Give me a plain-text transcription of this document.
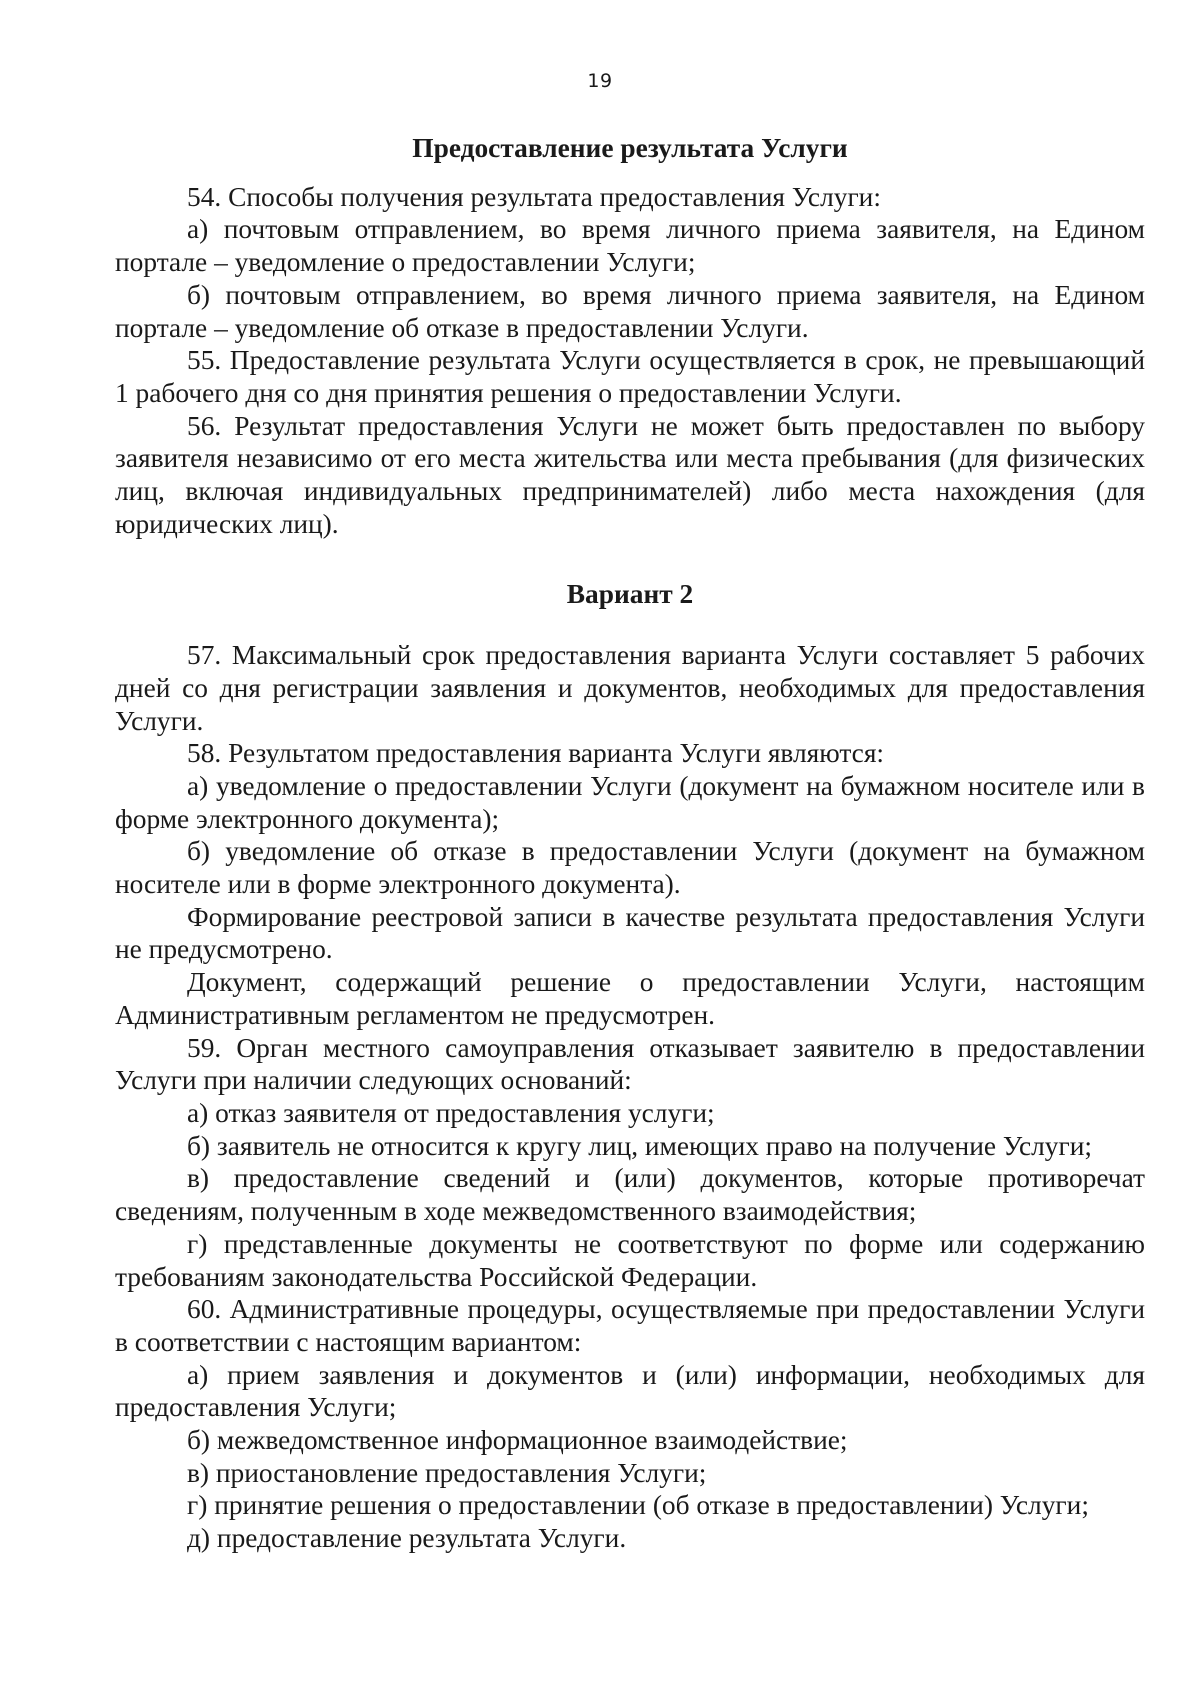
19
Предоставление результата Услуги

54. Способы получения результата предоставления Услуги:

а) почтовым отправлением, во время личного приема заявителя, на Едином портале – уведомление о предоставлении Услуги;

б) почтовым отправлением, во время личного приема заявителя, на Едином портале – уведомление об отказе в предоставлении Услуги.

55. Предоставление результата Услуги осуществляется в срок, не превышающий 1 рабочего дня со дня принятия решения о предоставлении Услуги.

56. Результат предоставления Услуги не может быть предоставлен по выбору заявителя независимо от его места жительства или места пребывания (для физических лиц, включая индивидуальных предпринимателей) либо места нахождения (для юридических лиц).

Вариант 2

57. Максимальный срок предоставления варианта Услуги составляет 5 рабочих дней со дня регистрации заявления и документов, необходимых для предоставления Услуги.

58. Результатом предоставления варианта Услуги являются:

а) уведомление о предоставлении Услуги (документ на бумажном носителе или в форме электронного документа);

б) уведомление об отказе в предоставлении Услуги (документ на бумажном носителе или в форме электронного документа).

Формирование реестровой записи в качестве результата предоставления Услуги не предусмотрено.

Документ, содержащий решение о предоставлении Услуги, настоящим Административным регламентом не предусмотрен.

59. Орган местного самоуправления отказывает заявителю в предоставлении Услуги при наличии следующих оснований:

а) отказ заявителя от предоставления услуги;

б) заявитель не относится к кругу лиц, имеющих право на получение Услуги;

в) предоставление сведений и (или) документов, которые противоречат сведениям, полученным в ходе межведомственного взаимодействия;

г) представленные документы не соответствуют по форме или содержанию требованиям законодательства Российской Федерации.

60. Административные процедуры, осуществляемые при предоставлении Услуги в соответствии с настоящим вариантом:

а) прием заявления и документов и (или) информации, необходимых для предоставления Услуги;

б) межведомственное информационное взаимодействие;

в) приостановление предоставления Услуги;

г) принятие решения о предоставлении (об отказе в предоставлении) Услуги;

д) предоставление результата Услуги.
